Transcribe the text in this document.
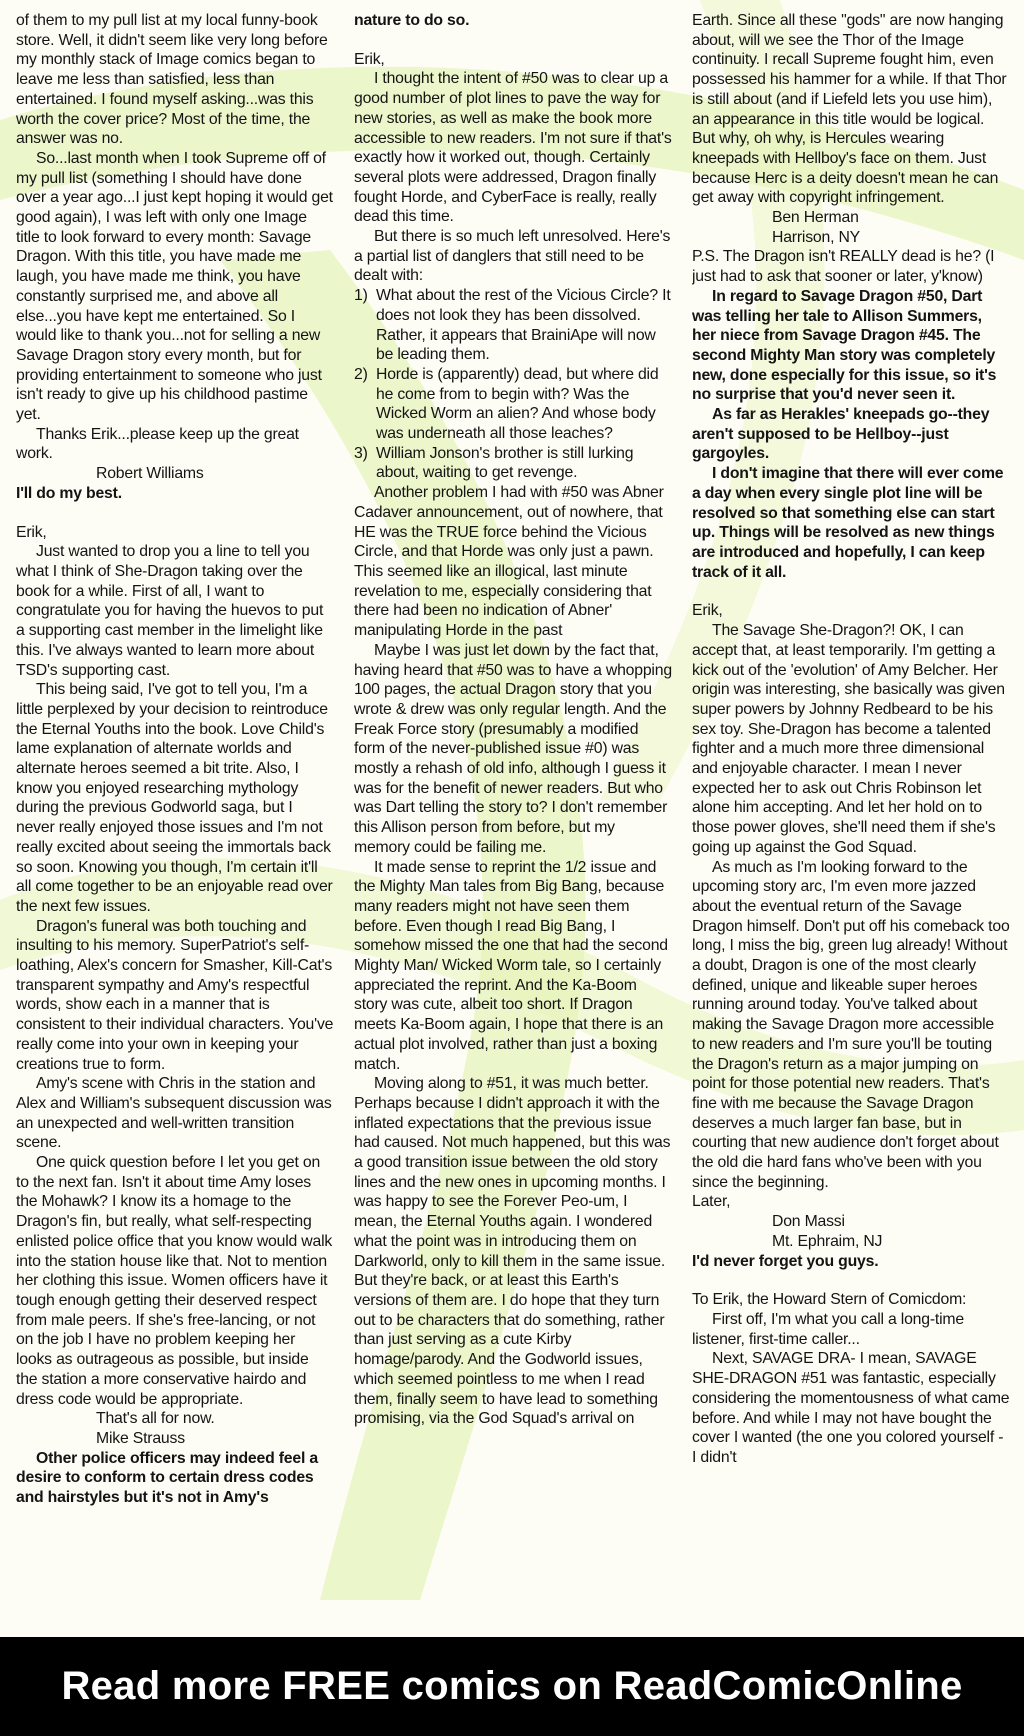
of them to my pull list at my local funny-book store. Well, it didn't seem like very long before my monthly stack of Image comics began to leave me less than satisfied, less than entertained. I found myself asking...was this worth the cover price? Most of the time, the answer was no.

So...last month when I took Supreme off of my pull list (something I should have done over a year ago...I just kept hoping it would get good again), I was left with only one Image title to look forward to every month: Savage Dragon. With this title, you have made me laugh, you have made me think, you have constantly surprised me, and above all else...you have kept me entertained. So I would like to thank you...not for selling a new Savage Dragon story every month, but for providing entertainment to someone who just isn't ready to give up his childhood pastime yet.

Thanks Erik...please keep up the great work.

Robert Williams

I'll do my best.

Erik,

Just wanted to drop you a line to tell you what I think of She-Dragon taking over the book for a while. First of all, I want to congratulate you for having the huevos to put a supporting cast member in the limelight like this. I've always wanted to learn more about TSD's supporting cast.

This being said, I've got to tell you, I'm a little perplexed by your decision to reintroduce the Eternal Youths into the book. Love Child's lame explanation of alternate worlds and alternate heroes seemed a bit trite. Also, I know you enjoyed researching mythology during the previous Godworld saga, but I never really enjoyed those issues and I'm not really excited about seeing the immortals back so soon. Knowing you though, I'm certain it'll all come together to be an enjoyable read over the next few issues.

Dragon's funeral was both touching and insulting to his memory. SuperPatriot's self-loathing, Alex's concern for Smasher, Kill-Cat's transparent sympathy and Amy's respectful words, show each in a manner that is consistent to their individual characters. You've really come into your own in keeping your creations true to form.

Amy's scene with Chris in the station and Alex and William's subsequent discussion was an unexpected and well-written transition scene.

One quick question before I let you get on to the next fan. Isn't it about time Amy loses the Mohawk? I know its a homage to the Dragon's fin, but really, what self-respecting enlisted police office that you know would walk into the station house like that. Not to mention her clothing this issue. Women officers have it tough enough getting their deserved respect from male peers. If she's free-lancing, or not on the job I have no problem keeping her looks as outrageous as possible, but inside the station a more conservative hairdo and dress code would be appropriate.

That's all for now.

Mike Strauss

Other police officers may indeed feel a desire to conform to certain dress codes and hairstyles but it's not in Amy's

nature to do so.

Erik,

I thought the intent of #50 was to clear up a good number of plot lines to pave the way for new stories, as well as make the book more accessible to new readers. I'm not sure if that's exactly how it worked out, though. Certainly several plots were addressed, Dragon finally fought Horde, and CyberFace is really, really dead this time.

But there is so much left unresolved. Here's a partial list of danglers that still need to be dealt with:

1) What about the rest of the Vicious Circle? It does not look they has been dissolved. Rather, it appears that BrainiApe will now be leading them.

2) Horde is (apparently) dead, but where did he come from to begin with? Was the Wicked Worm an alien? And whose body was underneath all those leaches?

3) William Jonson's brother is still lurking about, waiting to get revenge.

Another problem I had with #50 was Abner Cadaver announcement, out of nowhere, that HE was the TRUE force behind the Vicious Circle, and that Horde was only just a pawn. This seemed like an illogical, last minute revelation to me, especially considering that there had been no indication of Abner' manipulating Horde in the past

Maybe I was just let down by the fact that, having heard that #50 was to have a whopping 100 pages, the actual Dragon story that you wrote & drew was only regular length. And the Freak Force story (presumably a modified form of the never-published issue #0) was mostly a rehash of old info, although I guess it was for the benefit of newer readers. But who was Dart telling the story to? I don't remember this Allison person from before, but my memory could be failing me.

It made sense to reprint the 1/2 issue and the Mighty Man tales from Big Bang, because many readers might not have seen them before. Even though I read Big Bang, I somehow missed the one that had the second Mighty Man/ Wicked Worm tale, so I certainly appreciated the reprint. And the Ka-Boom story was cute, albeit too short. If Dragon meets Ka-Boom again, I hope that there is an actual plot involved, rather than just a boxing match.

Moving along to #51, it was much better. Perhaps because I didn't approach it with the inflated expectations that the previous issue had caused. Not much happened, but this was a good transition issue between the old story lines and the new ones in upcoming months. I was happy to see the Forever Peo-um, I mean, the Eternal Youths again. I wondered what the point was in introducing them on Darkworld, only to kill them in the same issue. But they're back, or at least this Earth's versions of them are. I do hope that they turn out to be characters that do something, rather than just serving as a cute Kirby homage/parody. And the Godworld issues, which seemed pointless to me when I read them, finally seem to have lead to something promising, via the God Squad's arrival on

Earth. Since all these "gods" are now hanging about, will we see the Thor of the Image continuity. I recall Supreme fought him, even possessed his hammer for a while. If that Thor is still about (and if Liefeld lets you use him), an appearance in this title would be logical. But why, oh why, is Hercules wearing kneepads with Hellboy's face on them. Just because Herc is a deity doesn't mean he can get away with copyright infringement.

Ben Herman

Harrison, NY

P.S. The Dragon isn't REALLY dead is he? (I just had to ask that sooner or later, y'know)

In regard to Savage Dragon #50, Dart was telling her tale to Allison Summers, her niece from Savage Dragon #45. The second Mighty Man story was completely new, done especially for this issue, so it's no surprise that you'd never seen it.

As far as Herakles' kneepads go--they aren't supposed to be Hellboy--just gargoyles.

I don't imagine that there will ever come a day when every single plot line will be resolved so that something else can start up. Things will be resolved as new things are introduced and hopefully, I can keep track of it all.

Erik,

The Savage She-Dragon?! OK, I can accept that, at least temporarily. I'm getting a kick out of the 'evolution' of Amy Belcher. Her origin was interesting, she basically was given super powers by Johnny Redbeard to be his sex toy. She-Dragon has become a talented fighter and a much more three dimensional and enjoyable character. I mean I never expected her to ask out Chris Robinson let alone him accepting. And let her hold on to those power gloves, she'll need them if she's going up against the God Squad.

As much as I'm looking forward to the upcoming story arc, I'm even more jazzed about the eventual return of the Savage Dragon himself. Don't put off his comeback too long, I miss the big, green lug already! Without a doubt, Dragon is one of the most clearly defined, unique and likeable super heroes running around today. You've talked about making the Savage Dragon more accessible to new readers and I'm sure you'll be touting the Dragon's return as a major jumping on point for those potential new readers. That's fine with me because the Savage Dragon deserves a much larger fan base, but in courting that new audience don't forget about the old die hard fans who've been with you since the beginning.

Later,

Don Massi

Mt. Ephraim, NJ

I'd never forget you guys.

To Erik, the Howard Stern of Comicdom:

First off, I'm what you call a long-time listener, first-time caller...

Next, SAVAGE DRA- I mean, SAVAGE SHE-DRAGON #51 was fantastic, especially considering the momentousness of what came before. And while I may not have bought the cover I wanted (the one you colored yourself - I didn't

Read more FREE comics on ReadComicOnline
